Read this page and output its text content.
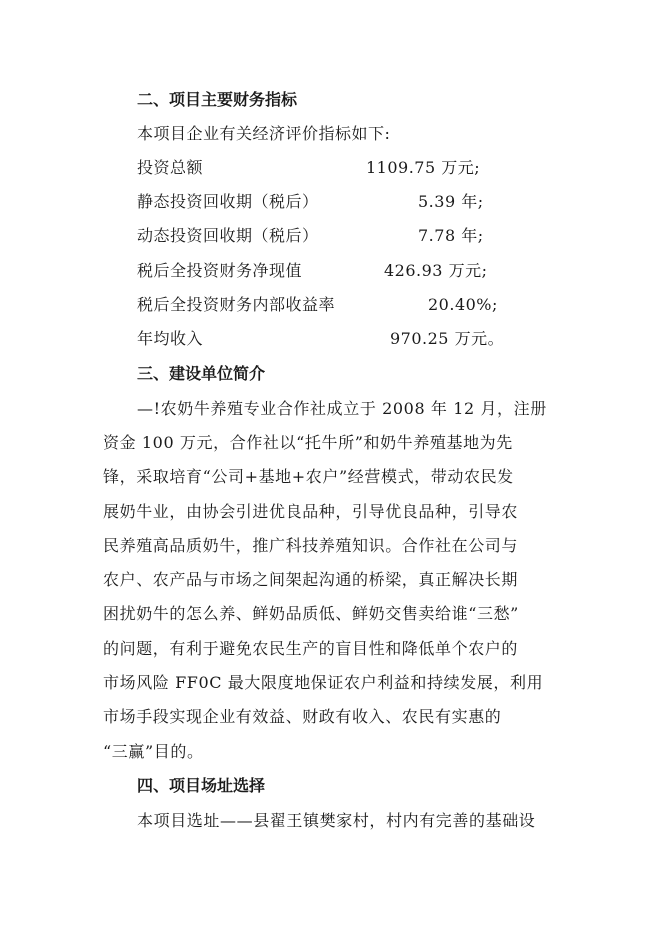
二、项目主要财务指标
本项目企业有关经济评价指标如下:
投资总额	1109.75 万元;
静态投资回收期（税后）	5.39 年;
动态投资回收期（税后）	7.78 年;
税后全投资财务净现值	426.93 万元;
税后全投资财务内部收益率	20.40%;
年均收入	970.25 万元。
三、建设单位简介
—!农奶牛养殖专业合作社成立于 2008 年 12 月，注册
资金 100 万元，合作社以“托牛所”和奶牛养殖基地为先
锋，采取培育“公司+基地+农户”经营模式，带动农民发
展奶牛业，由协会引进优良品种，引导优良品种，引导农
民养殖高品质奶牛，推广科技养殖知识。合作社在公司与
农户、农产品与市场之间架起沟通的桥梁，真正解决长期
困扰奶牛的怎么养、鲜奶品质低、鲜奶交售卖给谁“三愁”
的问题，有利于避免农民生产的盲目性和降低单个农户的
市场风险 FF0C 最大限度地保证农户利益和持续发展，利用
市场手段实现企业有效益、财政有收入、农民有实惠的
“三赢”目的。
四、项目场址选择
本项目选址——县翟王镇樊家村，村内有完善的基础设
